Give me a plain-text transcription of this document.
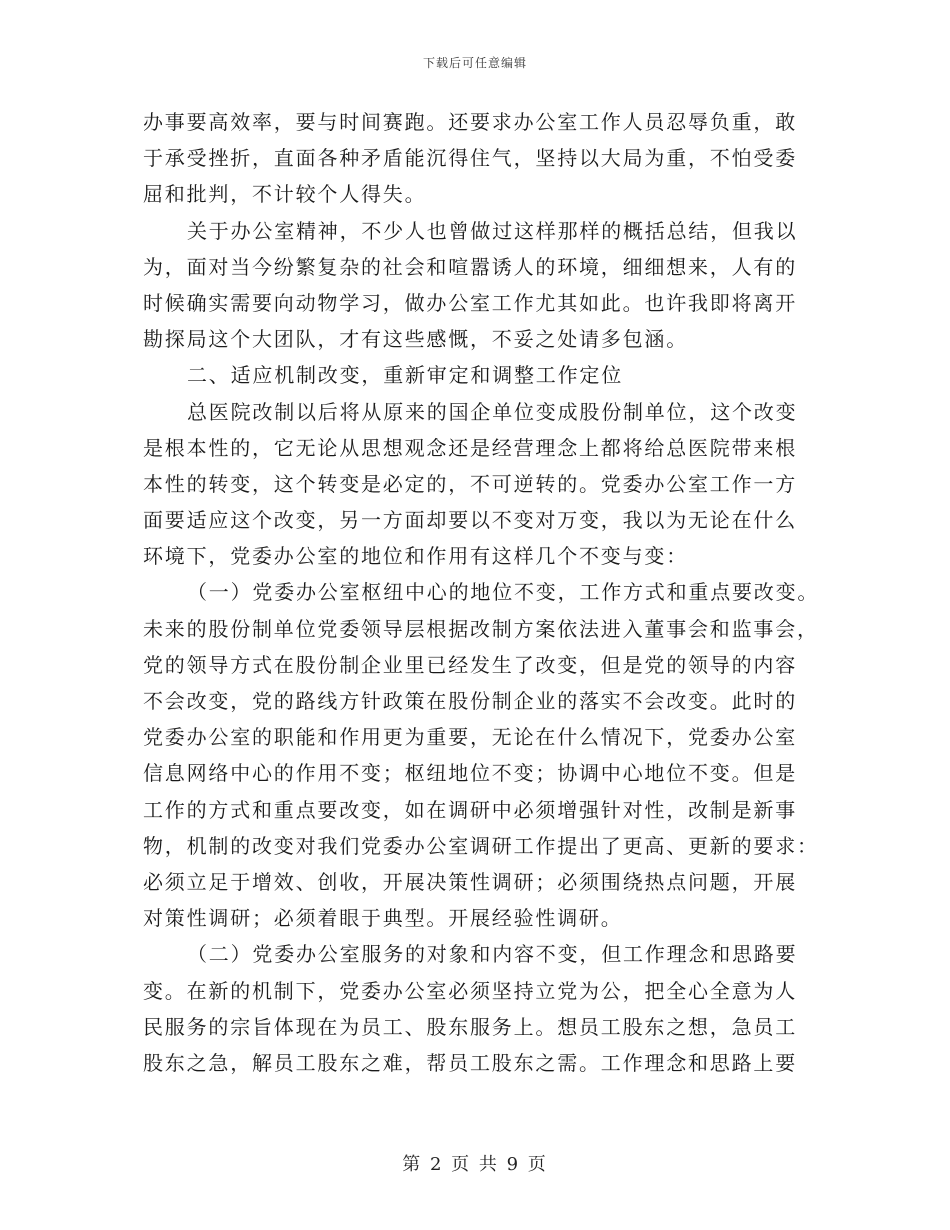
下载后可任意编辑
办事要高效率，要与时间赛跑。还要求办公室工作人员忍辱负重，敢
于承受挫折，直面各种矛盾能沉得住气，坚持以大局为重，不怕受委
屈和批判，不计较个人得失。
关于办公室精神，不少人也曾做过这样那样的概括总结，但我以
为，面对当今纷繁复杂的社会和喧嚣诱人的环境，细细想来，人有的
时候确实需要向动物学习，做办公室工作尤其如此。也许我即将离开
勘探局这个大团队，才有这些感慨，不妥之处请多包涵。
二、适应机制改变，重新审定和调整工作定位
总医院改制以后将从原来的国企单位变成股份制单位，这个改变
是根本性的，它无论从思想观念还是经营理念上都将给总医院带来根
本性的转变，这个转变是必定的，不可逆转的。党委办公室工作一方
面要适应这个改变，另一方面却要以不变对万变，我以为无论在什么
环境下，党委办公室的地位和作用有这样几个不变与变：
（一）党委办公室枢纽中心的地位不变，工作方式和重点要改变。
未来的股份制单位党委领导层根据改制方案依法进入董事会和监事会，
党的领导方式在股份制企业里已经发生了改变，但是党的领导的内容
不会改变，党的路线方针政策在股份制企业的落实不会改变。此时的
党委办公室的职能和作用更为重要，无论在什么情况下，党委办公室
信息网络中心的作用不变；枢纽地位不变；协调中心地位不变。但是
工作的方式和重点要改变，如在调研中必须增强针对性，改制是新事
物，机制的改变对我们党委办公室调研工作提出了更高、更新的要求：
必须立足于增效、创收，开展决策性调研；必须围绕热点问题，开展
对策性调研；必须着眼于典型。开展经验性调研。
（二）党委办公室服务的对象和内容不变，但工作理念和思路要
变。在新的机制下，党委办公室必须坚持立党为公，把全心全意为人
民服务的宗旨体现在为员工、股东服务上。想员工股东之想，急员工
股东之急，解员工股东之难，帮员工股东之需。工作理念和思路上要
第 2 页 共 9 页
